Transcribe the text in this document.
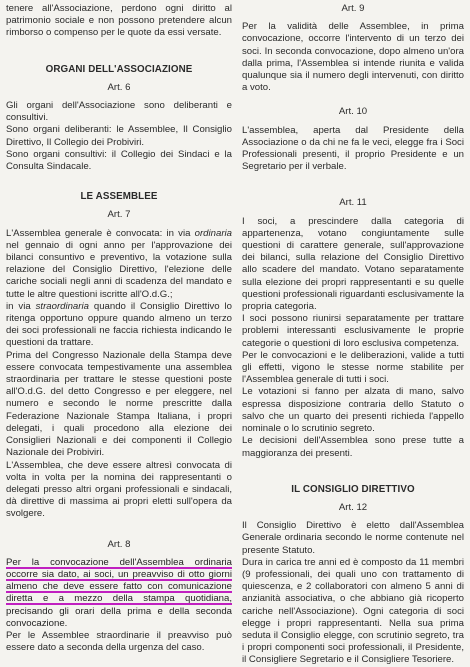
tenere all'Associazione, perdono ogni diritto al patrimonio sociale e non possono pretendere alcun rimborso o compenso per le quote da essi versate.

ORGANI DELL'ASSOCIAZIONE
Art. 6

Gli organi dell'Associazione sono deliberanti e consultivi.

Sono organi deliberanti: le Assemblee, Il Consiglio Direttivo, Il Collegio dei Probiviri.

Sono organi consultivi: il Collegio dei Sindaci e la Consulta Sindacale.

LE ASSEMBLEE
Art. 7

L'Assemblea generale è convocata: in via ordinaria nel gennaio di ogni anno per l'approvazione dei bilanci consuntivo e preventivo, la votazione sulla relazione del Consiglio Direttivo, l'elezione delle cariche sociali negli anni di scadenza del mandato e tutte le altre questioni iscritte all'O.d.G.;

in via straordinaria quando il Consiglio Direttivo lo ritenga opportuno oppure quando almeno un terzo dei soci professionali ne faccia richiesta indicando le questioni da trattare.

Prima del Congresso Nazionale della Stampa deve essere convocata tempestivamente una assemblea straordinaria per trattare le stesse questioni poste all'O.d.G. del detto Congresso e per eleggere, nel numero e secondo le norme prescritte dalla Federazione Nazionale Stampa Italiana, i propri delegati, i quali procedono alla elezione dei Consiglieri Nazionali e dei componenti il Collegio Nazionale dei Probiviri.

L'Assemblea, che deve essere altresì convocata di volta in volta per la nomina dei rappresentanti o delegati presso altri organi professionali e sindacali, dà direttive di massima ai propri eletti sull'opera da svolgere.

Art. 8

Per la convocazione dell'Assemblea ordinaria occorre sia dato, ai soci, un preavviso di otto giorni almeno che deve essere fatto con comunicazione diretta e a mezzo della stampa quotidiana, precisando gli orari della prima e della seconda convocazione.

Per le Assemblee straordinarie il preavviso può essere dato a seconda della urgenza del caso.

Art. 9

Per la validità delle Assemblee, in prima convocazione, occorre l'intervento di un terzo dei soci. In seconda convocazione, dopo almeno un'ora dalla prima, l'Assemblea si intende riunita e valida qualunque sia il numero degli intervenuti, con diritto a voto.

Art. 10

L'assemblea, aperta dal Presidente della Associazione o da chi ne fa le veci, elegge fra i Soci Professionali presenti, il proprio Presidente e un Segretario per il verbale.

Art. 11

I soci, a prescindere dalla categoria di appartenenza, votano congiuntamente sulle questioni di carattere generale, sull'approvazione dei bilanci, sulla relazione del Consiglio Direttivo allo scadere del mandato. Votano separatamente sulla elezione dei propri rappresentanti e su quelle questioni professionali riguardanti esclusivamente la propria categoria.

I soci possono riunirsi separatamente per trattare problemi interessanti esclusivamente le proprie categorie o questioni di loro esclusiva competenza.

Per le convocazioni e le deliberazioni, valide a tutti gli effetti, vigono le stesse norme stabilite per l'Assemblea generale di tutti i soci.

Le votazioni si fanno per alzata di mano, salvo espressa disposizione contraria dello Statuto o salvo che un quarto dei presenti richieda l'appello nominale o lo scrutinio segreto.

Le decisioni dell'Assemblea sono prese tutte a maggioranza dei presenti.

IL CONSIGLIO DIRETTIVO
Art. 12

Il Consiglio Direttivo è eletto dall'Assemblea Generale ordinaria secondo le norme contenute nel presente Statuto.

Dura in carica tre anni ed è composto da 11 membri (9 professionali, dei quali uno con trattamento di quiescenza, e 2 collaboratori con almeno 5 anni di anzianità associativa, o che abbiano già ricoperto cariche nell'Associazione). Ogni categoria di soci elegge i propri rappresentanti. Nella sua prima seduta il Consiglio elegge, con scrutinio segreto, tra i propri componenti soci professionali, il Presidente, il Consigliere Segretario e il Consigliere Tesoriere.
